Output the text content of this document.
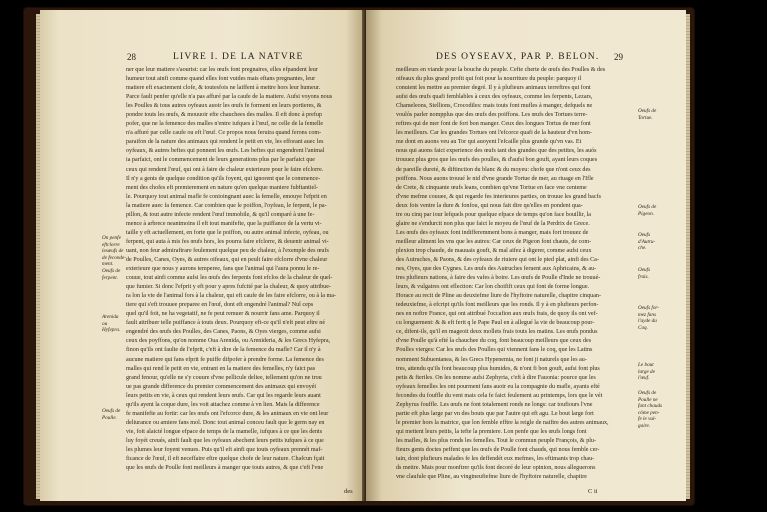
28	LIVRE I. DE LA NATVRE
ner que leur matiere s'aourist: car les œufs font pregnaires, elles efpandent leur
humeur tout ainfi comme quand elles font vuides mais eftans pregnantes, leur
matiere eft exactement clofe, & toutesfois ne laiffent à mettre hors leur humeur.
Parce fault penfer qu'elle n'a pas affuré par la caufe de la matiere. Aufsi voyons nous
les Poulles & tous autres oyfeaux auoir les œufs fe forment en leurs portieres, &
pondre touts les œufs, & mouuoir efte chauchees des malles. Il eft donc à prefup
pofer, que ne la femence des malles n'entre iufques à l'œuf, ne celle de la femelle
n'a affuré par celle caufe ou eft l'œuf. Ce propos nous feruira quand ferons com-
paraifon de la nature des animaux qui rendent le petit en vie, les efforant auec les
oyfeaux, & autres beftes qui ponnent les œufs. Les beftes qui engendrent l'animal
ia parfaict, ont le commencement de leurs generations plus par le parfaict que
ceux qui rendent l'œuf, qui ont à faire de chaleur exterieure pour le faire efclorre.
Il n'y a gents de quelque condition qu'ils foyent, qui ignorent que le commence-
ment des chofes eft premierement en nature qu'en quelque maniere fubftantiel-
le. Pourquoy tout animal mafle fe conioingnant auec la femelle, emouye l'efprit en
la matiere auec fa femence. Car combien que le poiffon, l'oyfeau, le ferpent, le pa-
pillon, & tout autre infecte rendent l'œuf immobile, & qu'il comparé à une fe-
mence à arbrece neantmoins il eft tout manifefte, que la puiffance de la vertu vi-
taille y eft actuellement, en forte que le poiffon, ou autre animal infecte, oyfeau, ou
ferpent, qui auta à mis fes œufs hors, les pourra faire efclorre, & deuenir animal vi-
uant, non feur admiraftrare feulement quelque peu de chaleur, à l'exemple des œufs
de Poulles, Canes, Oyes, & autres oifeaux, qui en peult faire efclorre d'vne chaleur
exterieure que nous y aurons temperee, fans que l'animal qui l'aura ponnu le re-
couue, tout ainfi comme aufsi les œufs des ferpents font efclos de la chaleur de quel-
que fumier. Si donc l'efprit y eft pour y apres fufcité par la chaleur, & quoy attribue-
ra lon la vie de l'animal fors à la chaleur, qui eft caufe de les faire efclorre, ou à la ma-
tiere qui s'eft trouuee preparee en l'œuf, dont eft engendré l'animal? Nul ceps
quel qu'il foit, ne ha vegetatif, ne fe peut remuer & nourrir fans ame. Parquoy il
fault attribuer telle puiffance à touts deux. Pourquoy eft-ce qu'il n'eft peut eftre né
engendré des œufs des Poulles, des Canes, Paons, & Oyes vierges, comme aufsi
ceux des poyffons, qu'on nomme Oua Arenida, ou Arenideria, & les Grecs Hyfepra,
finon qu'ils ont faulte de l'efprit, c'eft à dire de la femence du mafle? Car il n'y à
aucune matiere qui fans efprit fe puiffe difpofer à prendre forme. La femence des
malles qui rend le petit en vie, entrant en la matiere des femelles, n'y faict pas
grand fenour, qu'elle ne s'y couure d'vne pellicule deliee, tellement qu'on ne trou
ue pas grande difference du premier commencement des animaux qui envoyét
leurs petits en vie, à ceux qui rendent leurs œufs. Car qui les regarde leurs auant
qu'ils ayent la coque dure, les voit attachez comme à vn lien. Mais la difference
fe manifefte au fortir: car les œufs ont l'efcorce dure, & les animaux en vie ont leur
deliurance ou amiere fans mol. Donc tout animal conceu fault que le germ nay en
vie, foit alaicté longue efpace de temps de la mamelle, iufques à ce que les dents
luy foyét creués, ainfi fault que les oyfeaux abechent leurs petits iufques à ce que
les plumes leur foyent venues. Puis qu'il eft ainfi que touts oyfeaux prennét maf-
ficance de l'œuf, il eft neceffaire eftre quelque chofe de leur nature. Chafcun fçait
que les œufs de Poulle font meilleurs à manger que touts autres, & que c'eft l'vne
On penfe
eftclorre
lesœufs de
de feconde-
ment.
Oeufs de
ferpent.
Arenida
ou
Hyfepra.
Oeufs de
Poulle.
des
DES OYSEAVX, PAR P. BELON. 29
meilleurs en viande pour la bouche du peuple. Cefte cherte de œufs des Poulles & des
oifeaux du plus grand profit qui foit pour la nourriture du peuple: parquoy il
conuient les mettre au premier degré. Il y à plufieurs animaux terreftres qui font
aufsi des œufs quafi femblables à ceux des oyfeaux, comme les ferpents, Lezars,
Chameleons, Stellions, Crocodiles: mais touts font mufles à manger, defquels ne
voulós parler nompplus que des œufs des poiffons. Les œufs des Tortues terre-
reftres qui de mer font de fort bon manger. Ceux des longues Tortus de mer font
les meilleurs. Car les grandes Tortues ont l'efcorce quafi de la hauteur d'vn hom-
me dont en auons veu au Tor qui auoyent l'efcaille plus grande qu'vn vas. Et
nous qui auons faict experience des œufs tant des grandes que des petites, les auós
trouuez plus gros que les œufs des poulles, & d'aufsi bon gouft, ayant leurs coques
de pareille dureté, & diftinction du blanc & du moyeu: chofe que n'ont ceux des
poiffons. Nous auons trouué le nid d'vne grande Tortue de mer, au riuage en l'Ifle
de Crete, & cinquante œufs leans, combien qu'vne Tortue en face vne centeme
d'vne mefme couuee, & qui regarde fes interieures parties, on trouue les grand bacfs
deux fois ventre la dure & fonfou, qui nous fait dire qu'elles en pondent qua-
tre ou cinq par iour lefquels pour quelque efpace de temps qu'on face bouillir, la
glaire ne s'endurcit non plus que faict le moyeu de l'œuf de la Perdrix de Grece.
Les œufs des oyfeaux font indifferemment bons à manger, mais fort trouuez de
meilleur aliment les vns que les autres: Car ceux de Pigeon font chauts, de com-
plexion trop chaude, de mauuais gouft, & mal aifez à digerer, comme aufsi ceux
des Autruches, & Paons, & des oyfeaux de riuiere qui ont le pied plat, ainfi des Ca-
nes, Oyes, que des Cygnes. Les œufs des Autruches feruent aux Aphricains, & au-
tres plufieurs nations, à faire des vafes à boire. Les œufs de Poulle d'Inde ne trouué-
leurs, & vulgaires ont eflection: Car lon choifift ceux qui font de forme longue.
Horace au recit de Pline au deuxiefme liure de l'hyftoire naturelle, chapitre cinquan-
tedeuxiefme, à efcript qu'ils font meilleurs que les ronds. Il y à en plufieurs perfon-
nes en noftre France, qui ont attribué l'occafion aux œufs frais, de quoy ils ont vef-
cu longuement: & & eft ferit q le Pape Paul en à allegué la vie de beaucoup pour-
ce, difent-ils, qu'il en mageoit deux mollets frais touts les matins. Les œufs pondus
d'vne Poulle qu'à efté la chauchee du coq, font beaucoup meilleurs que ceux des
Poulles vierges: Car les œufs des Poulles qui viennent fans le coq, que les Latins
nomment Subuentanea, & les Grecs Hypenemia, ne font ji naturels que les au-
tres, attendu qu'ils font beaucoup plus humides, & n'ont fi bon gouft, aufsi font plus
petis & fteriles. On les nomme aufsi Zephyria, c'eft à dire Fauonia: pource que les
oyfeaux femelles les ont pourment fans auoir eu la compagnie du mafle, ayants efté
fecondes du fouffle du vent mais cela fe faict feulement au printemps, lors que le vét
Zephyrus fouffle. Les œufs ne font totalement ronds ne longs: car toufiours l'vne
partie eft plus large par vn des bouts que par l'autre qui eft agu. Le bout large fort
le premier hors la matrice, que lon femble efftre la reigle de naiftre des autres animaux,
qui mettent leurs petits, la tefte la premiere. Lon penfe que les œufs longs font
les mafles, & les plus ronds les femelles. Tout le commun peuple François, & plu-
fieurs gents doctes peffent que les œufs de Poulle font chauds, qui nous femble cer-
tain, dont plufieurs malades fe les deffendét eux mefmes, les eftimants trop chau-
ds mettre. Mais pour monftrer qu'ils font decoré de leur opinion, nous alleguerons
vne claufule que Pline, au vingtneufiefme liure de l'hyftoire naturelle, chapitre
Oeufs de
Tortue.
Oeufs de
Pigeon.
Oeufs
d'Autru-
che.
Oeufs
frais.
Oeufs for-
mez fans
l'ayde du
Coq.
Le bout
large de
l'œuf.
Oeufs de
Poulle ne
font chauds
côme pen-
fe le vul-
gaire.
C ii
